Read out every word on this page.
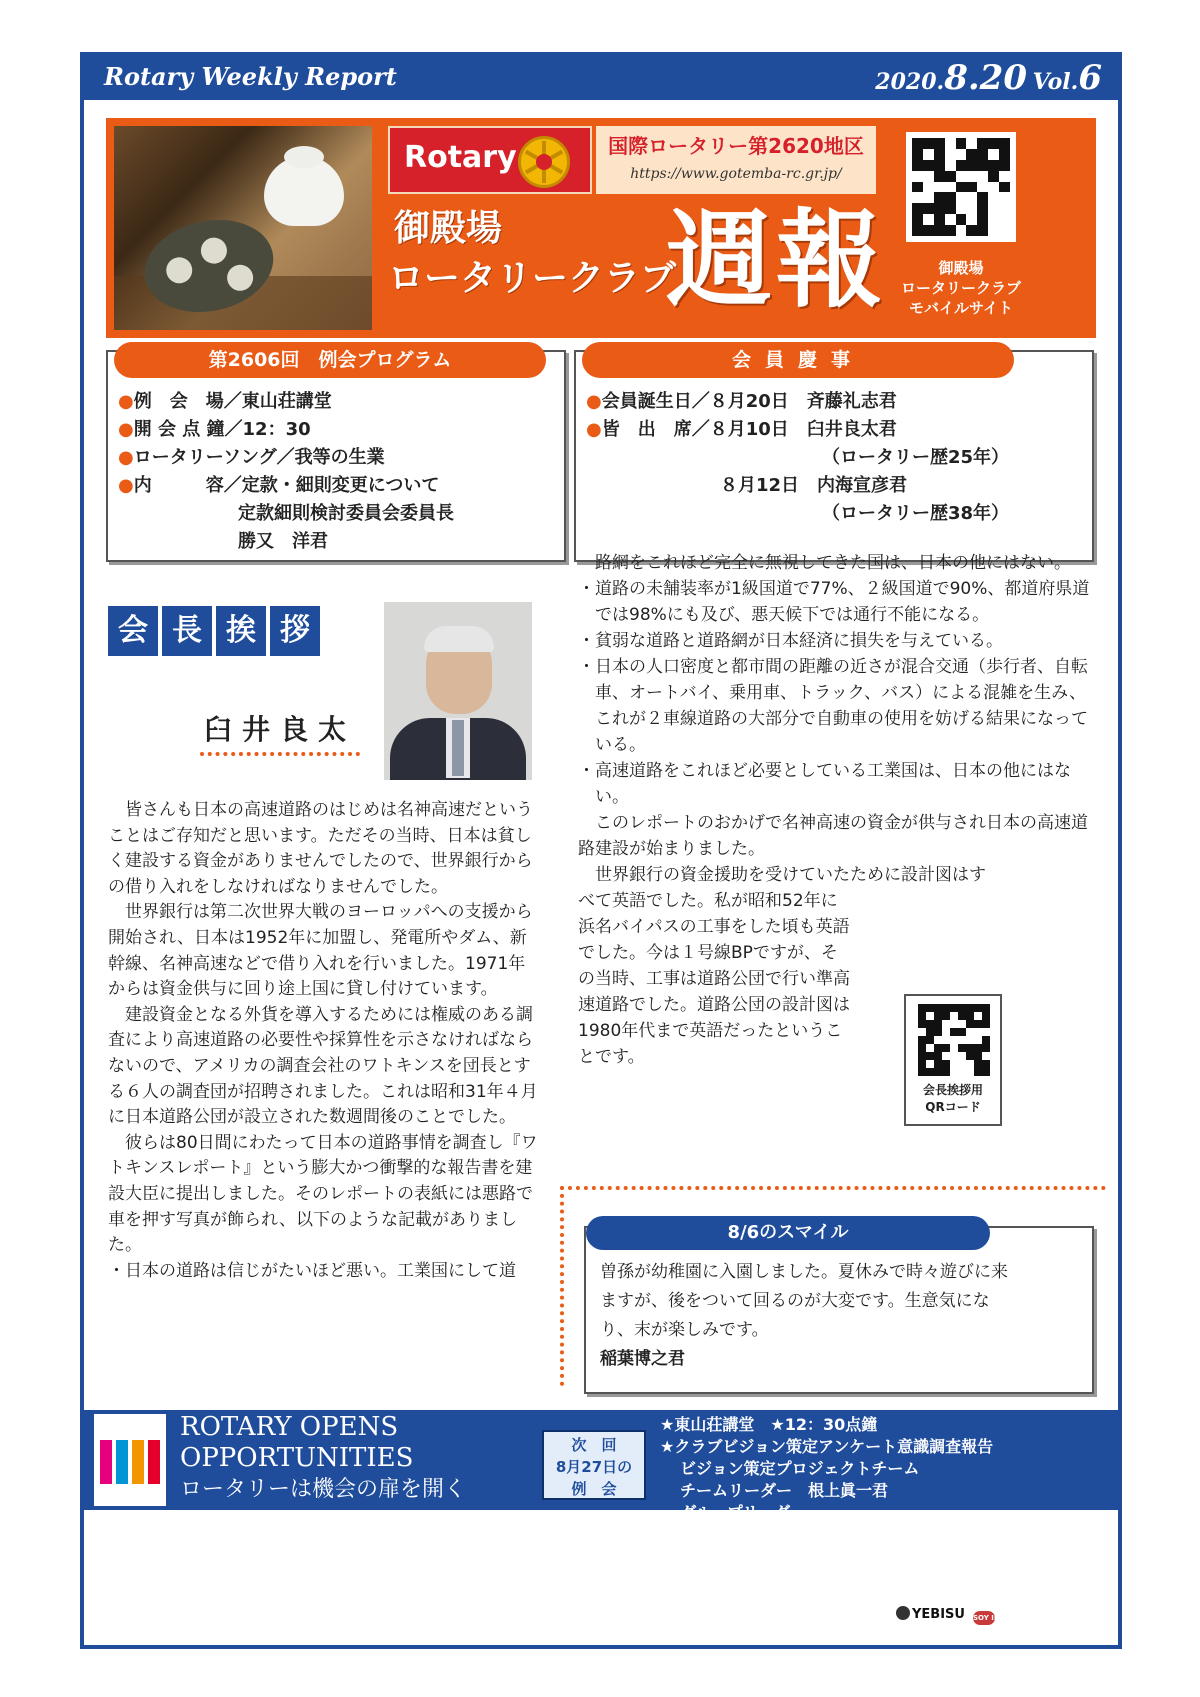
Rotary Weekly Report	2020.8.20 Vol.6
Rotary	国際ロータリー第2620地区
https://www.gotemba-rc.gr.jp/
御殿場
ロータリークラブ
週報	御殿場
ロータリークラブ
モバイルサイト
第2606回　例会プログラム
●例　会　場／東山荘講堂
●開 会 点 鐘／12：30
●ロータリーソング／我等の生業
●内　　　容／定款・細則変更について
定款細則検討委員会委員長
勝又　洋君
会員慶事
●会員誕生日／８月20日　斉藤礼志君
●皆　出　席／８月10日　臼井良太君
（ロータリー歴25年）
８月12日　内海宣彦君
（ロータリー歴38年）
会 長 挨 拶
臼井良太

皆さんも日本の高速道路のはじめは名神高速だということはご存知だと思います。ただその当時、日本は貧しく建設する資金がありませんでしたので、世界銀行からの借り入れをしなければなりませんでした。

世界銀行は第二次世界大戦のヨーロッパへの支援から開始され、日本は1952年に加盟し、発電所やダム、新幹線、名神高速などで借り入れを行いました。1971年からは資金供与に回り途上国に貸し付けています。

建設資金となる外貨を導入するためには権威のある調査により高速道路の必要性や採算性を示さなければならないので、アメリカの調査会社のワトキンスを団長とする６人の調査団が招聘されました。これは昭和31年４月に日本道路公団が設立された数週間後のことでした。

彼らは80日間にわたって日本の道路事情を調査し『ワトキンスレポート』という膨大かつ衝撃的な報告書を建設大臣に提出しました。そのレポートの表紙には悪路で車を押す写真が飾られ、以下のような記載がありました。

・日本の道路は信じがたいほど悪い。工業国にして道

路網をこれほど完全に無視してきた国は、日本の他にはない。

・道路の未舗装率が1級国道で77%、２級国道で90%、都道府県道では98%にも及び、悪天候下では通行不能になる。

・貧弱な道路と道路網が日本経済に損失を与えている。

・日本の人口密度と都市間の距離の近さが混合交通（歩行者、自転車、オートバイ、乗用車、トラック、バス）による混雑を生み、これが２車線道路の大部分で自動車の使用を妨げる結果になっている。

・高速道路をこれほど必要としている工業国は、日本の他にはない。

このレポートのおかげで名神高速の資金が供与され日本の高速道路建設が始まりました。

世界銀行の資金援助を受けていたために設計図はす

べて英語でした。私が昭和52年に
浜名バイパスの工事をした頃も英語
でした。今は１号線BPですが、そ
の当時、工事は道路公団で行い準高
速道路でした。道路公団の設計図は
1980年代まで英語だったというこ
とです。
会長挨拶用
QRコード
8/6のスマイル
曽孫が幼稚園に入園しました。夏休みで時々遊びに来ますが、後をついて回るのが大変です。生意気になり、末が楽しみです。
稲葉博之君
ROTARY OPENS
OPPORTUNITIES
ロータリーは機会の扉を開く
次　回
8月27日の
例　会
★東山荘講堂　★12：30点鐘
★クラブビジョン策定アンケート意識調査報告
ビジョン策定プロジェクトチーム
チームリーダー　根上眞一君
グループリーダー
YEBISU SOY INK
